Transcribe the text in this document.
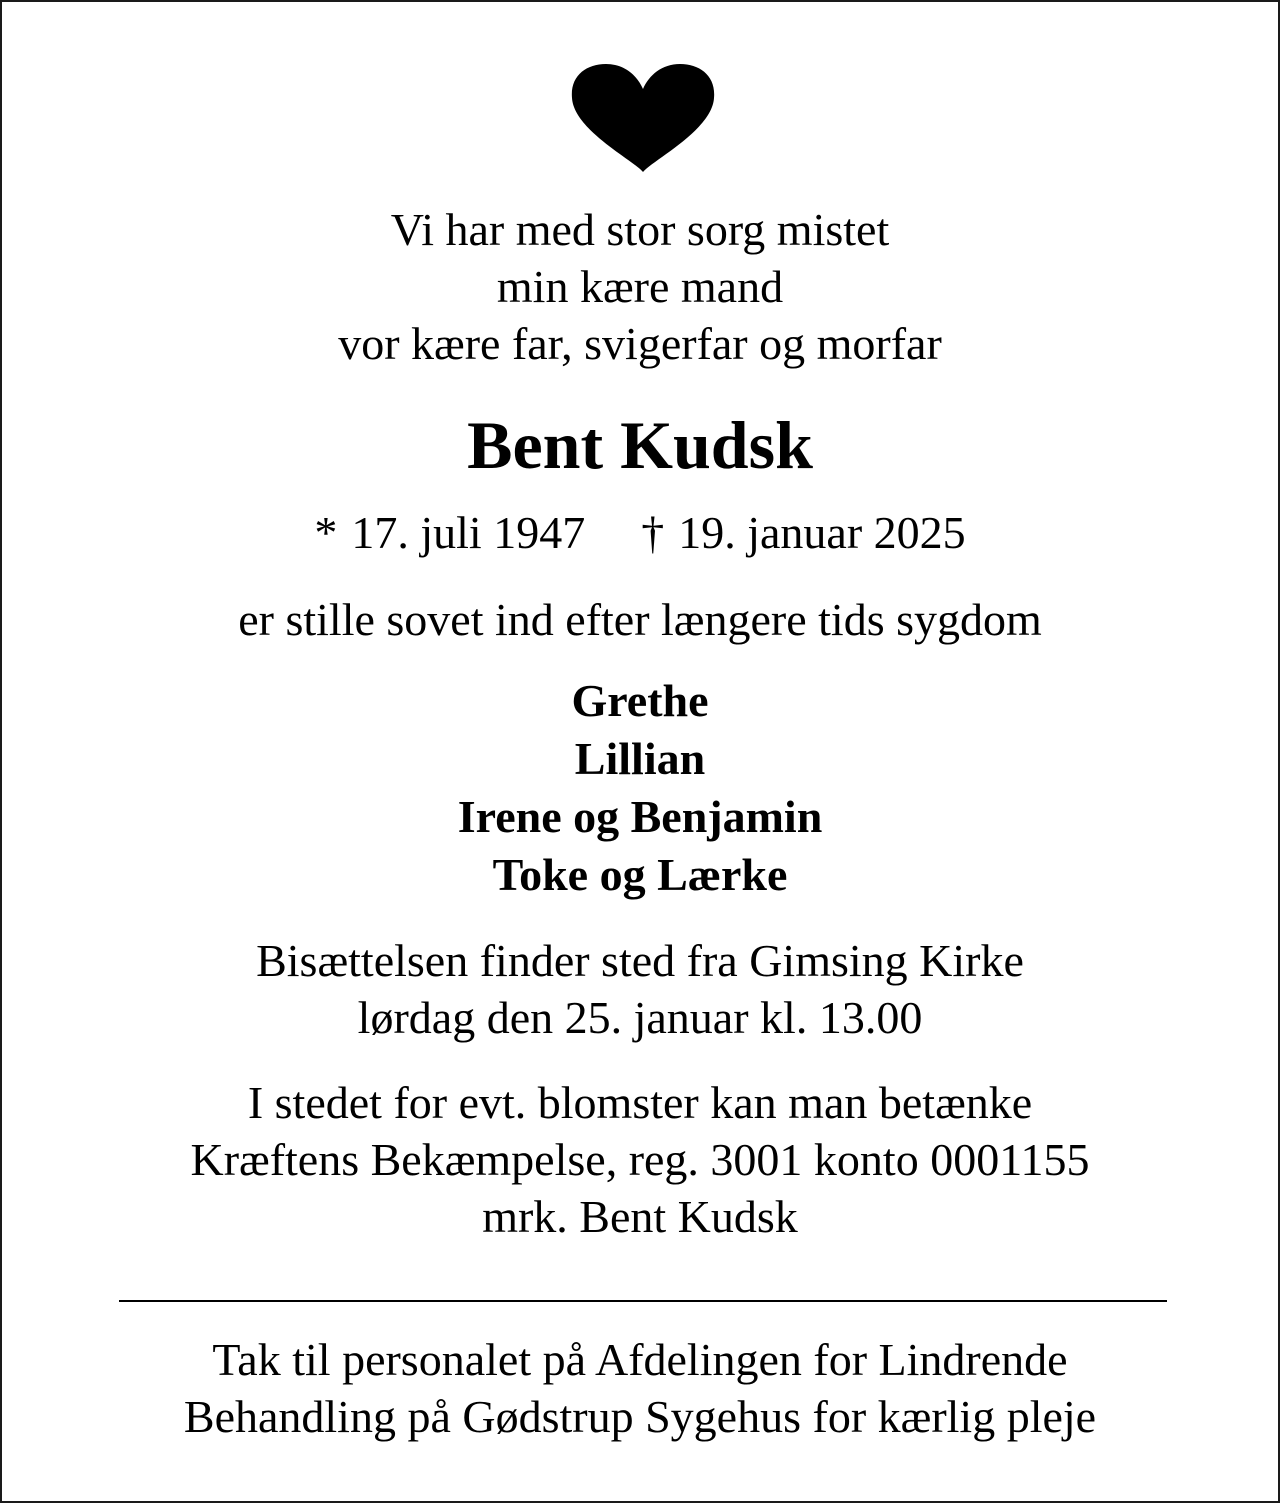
Vi har med stor sorg mistet
min kære mand
vor kære far, svigerfar og morfar
Bent Kudsk
* 17. juli 1947 † 19. januar 2025
er stille sovet ind efter længere tids sygdom
Grethe
Lillian
Irene og Benjamin
Toke og Lærke
Bisættelsen finder sted fra Gimsing Kirke
lørdag den 25. januar kl. 13.00
I stedet for evt. blomster kan man betænke
Kræftens Bekæmpelse, reg. 3001 konto 0001155
mrk. Bent Kudsk
Tak til personalet på Afdelingen for Lindrende
Behandling på Gødstrup Sygehus for kærlig pleje
